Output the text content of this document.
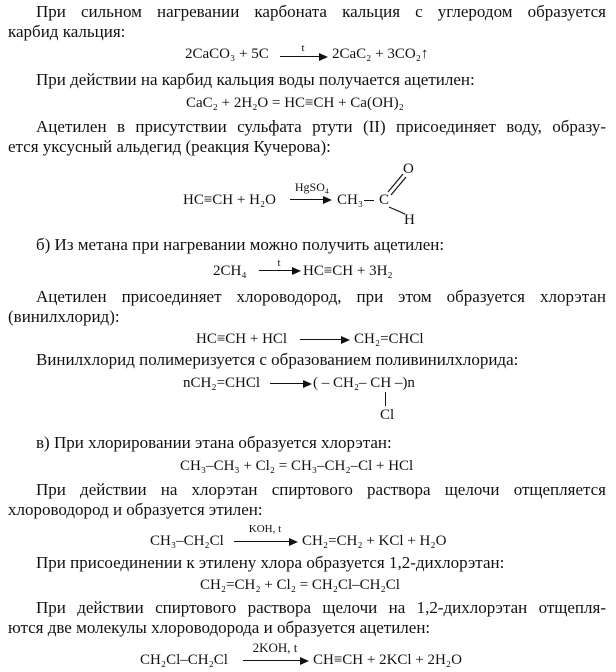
При сильном нагревании карбоната кальция с углеродом образуется
карбид кальция:
2CaCO₃ + 5C	t → 2CaC₂ + 3CO₂↑
При действии на карбид кальция воды получается ацетилен:
CaC₂ + 2H₂O = HC≡CH + Ca(OH)₂
Ацетилен в присутствии сульфата ртути (II) присоединяет воду, образу-
ется уксусный альдегид (реакция Кучерова):
HC≡CH + H₂O
HgSO₄
→ CH₃ C
O
H
б) Из метана при нагревании можно получить ацетилен:
2CH₄	t → HC≡CH + 3H₂
Ацетилен присоединяет хлороводород, при этом образуется хлорэтан
(винилхлорид):
HC≡CH + HCl → CH₂=CHCl
Винилхлорид полимеризуется с образованием поливинилхлорида:
nCH₂=CHCl → ( – CH₂– CH –)n
Cl
в) При хлорировании этана образуется хлорэтан:
CH₃–CH₃ + Cl₂ = CH₃–CH₂–Cl + HCl
При действии на хлорэтан спиртового раствора щелочи отщепляется
хлороводород и образуется этилен:
CH₃–CH₂Cl
KOH, t
→ CH₂=CH₂ + KCl + H₂O
При присоединении к этилену хлора образуется 1,2-дихлорэтан:
CH₂=CH₂ + Cl₂ = CH₂Cl–CH₂Cl
При действии спиртового раствора щелочи на 1,2-дихлорэтан отщепля-
ются две молекулы хлороводорода и образуется ацетилен:
CH₂Cl–CH₂Cl
2KOH, t
→ CH≡CH + 2KCl + 2H₂O
